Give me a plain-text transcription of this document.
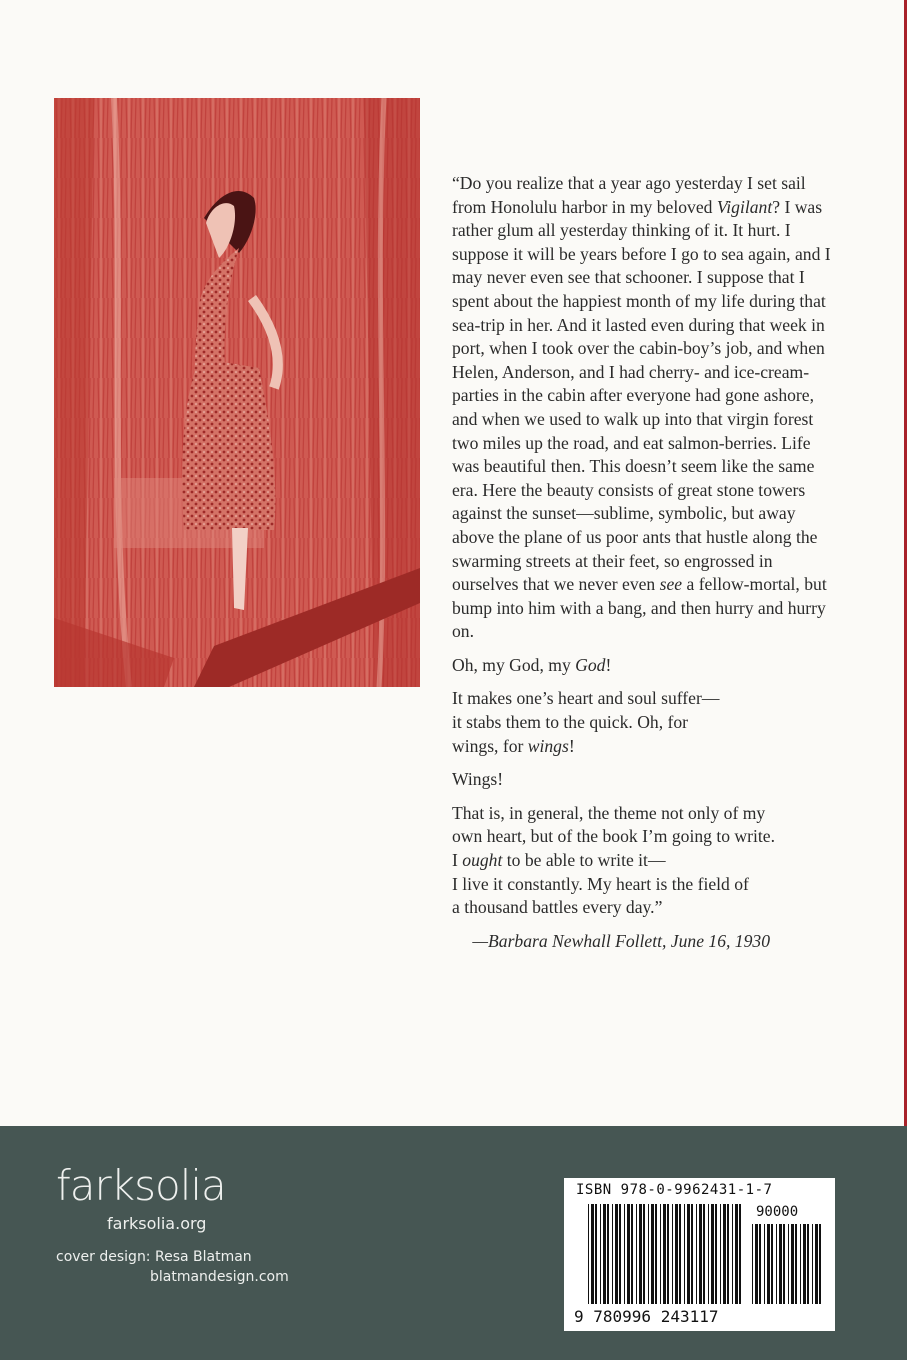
“Do you realize that a year ago yesterday I set sail from Honolulu harbor in my beloved Vigilant? I was rather glum all yesterday thinking of it. It hurt. I suppose it will be years before I go to sea again, and I may never even see that schooner. I suppose that I spent about the happiest month of my life during that sea-trip in her. And it lasted even during that week in port, when I took over the cabin-boy’s job, and when Helen, Anderson, and I had cherry- and ice-cream-parties in the cabin after everyone had gone ashore, and when we used to walk up into that virgin forest two miles up the road, and eat salmon-berries. Life was beautiful then. This doesn’t seem like the same era. Here the beauty consists of great stone towers against the sunset—sublime, symbolic, but away above the plane of us poor ants that hustle along the swarming streets at their feet, so engrossed in ourselves that we never even see a fellow-mortal, but bump into him with a bang, and then hurry and hurry on.

Oh, my God, my God!

It makes one’s heart and soul suffer—
it stabs them to the quick. Oh, for
wings, for wings!

Wings!

That is, in general, the theme not only of my
own heart, but of the book I’m going to write.
I ought to be able to write it—
I live it constantly. My heart is the field of
a thousand battles every day.”

—Barbara Newhall Follett, June 16, 1930

farksolia
farksolia.org
cover design: Resa Blatman
blatmandesign.com
ISBN 978-0-9962431-1-7
90000
9 780996 243117
